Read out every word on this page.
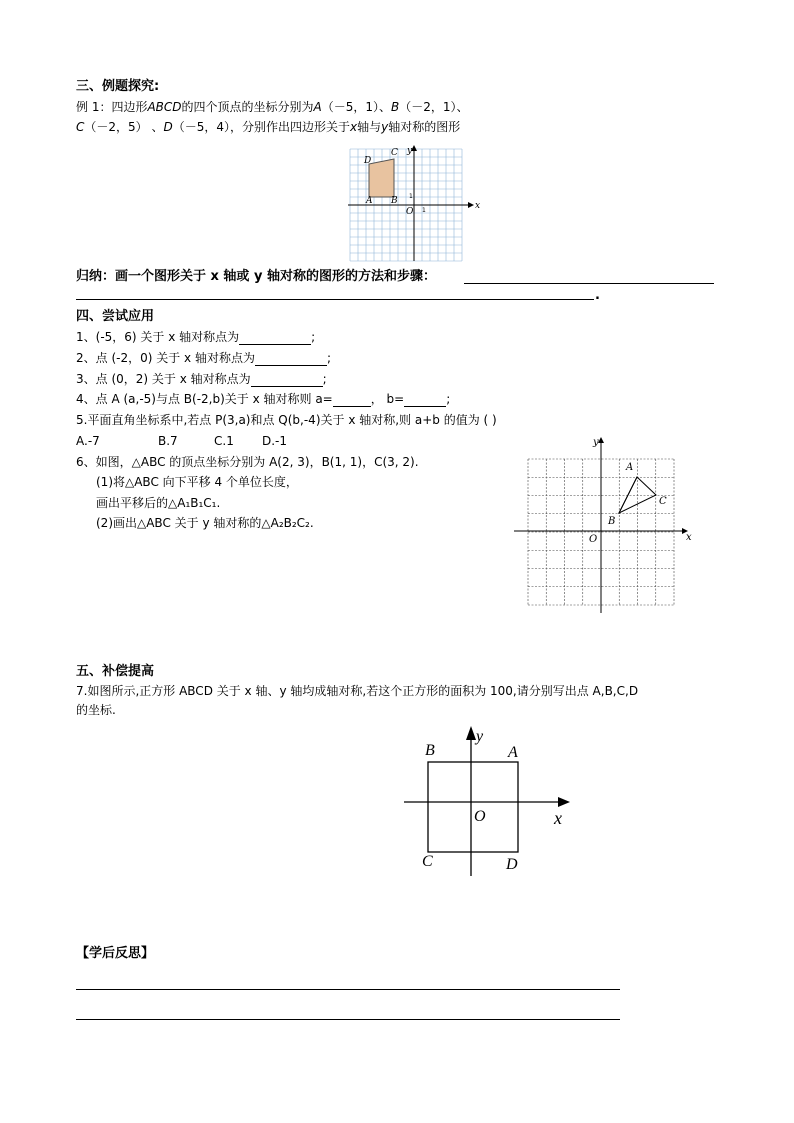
三、例题探究:
例 1：四边形ABCD的四个顶点的坐标分别为A（－5，1）、B（－2，1）、
C（－2，5） 、D（－5，4），分别作出四边形关于x轴与y轴对称的图形
D
C y
A B
O
x
1
1
归纳：画一个图形关于 x 轴或 y 轴对称的图形的方法和步骤：
.
四、尝试应用
1、(-5，6) 关于 x 轴对称点为	;
2、点 (-2，0) 关于 x 轴对称点为	;
3、点 (0，2) 关于 x 轴对称点为	;
4、点 A (a,-5)与点 B(-2,b)关于 x 轴对称则 a=	， b=	;
5.平面直角坐标系中,若点 P(3,a)和点 Q(b,-4)关于 x 轴对称,则 a+b 的值为 ( )
A.-7	B.7	C.1 D.-1
6、如图，△ABC 的顶点坐标分别为 A(2, 3)，B(1, 1)，C(3, 2).
(1)将△ABC 向下平移 4 个单位长度，
画出平移后的△A₁B₁C₁.
(2)画出△ABC 关于 y 轴对称的△A₂B₂C₂.
y
x
O
A
B
C
五、补偿提高
7.如图所示,正方形 ABCD 关于 x 轴、y 轴均成轴对称,若这个正方形的面积为 100,请分别写出点 A,B,C,D
的坐标.
B	A
y
O	x
C	D
【学后反思】
